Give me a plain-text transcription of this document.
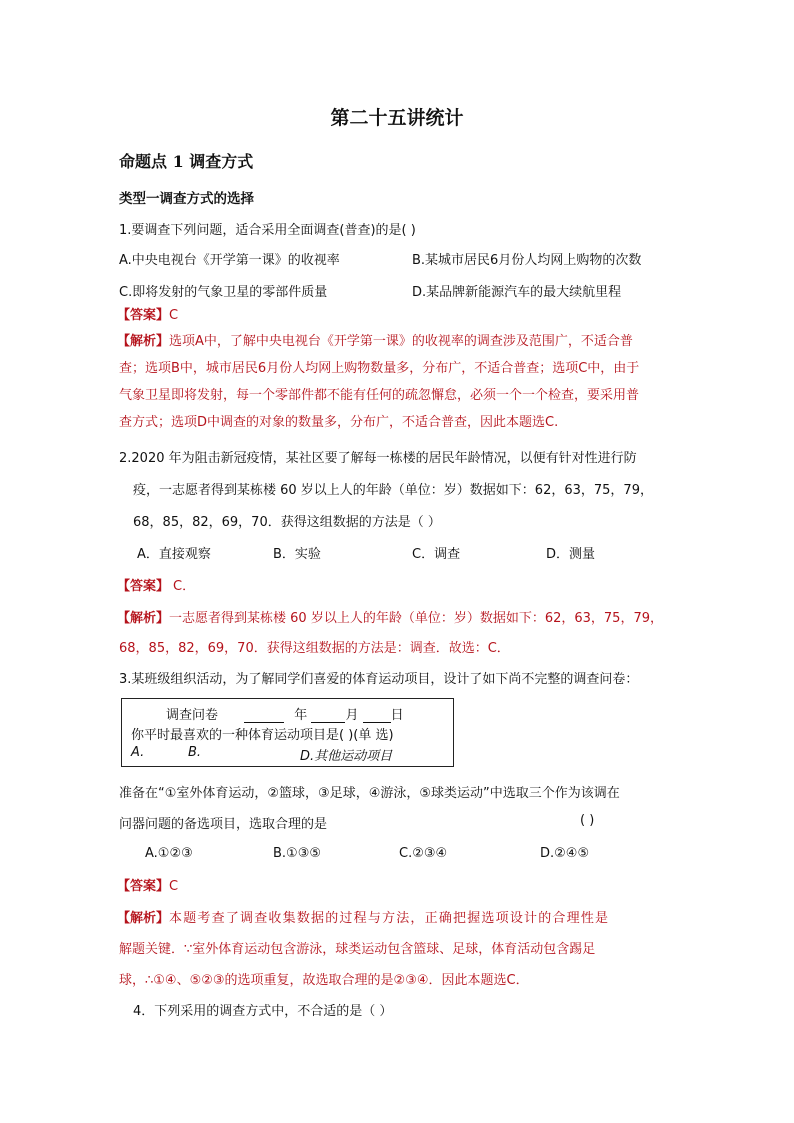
第二十五讲统计
命题点 1 调查方式
类型一调查方式的选择
1.要调查下列问题，适合采用全面调查(普查)的是( )
A.中央电视台《开学第一课》的收视率	B.某城市居民6月份人均网上购物的次数
C.即将发射的气象卫星的零部件质量	D.某品牌新能源汽车的最大续航里程
【答案】C
【解析】选项A中，了解中央电视台《开学第一课》的收视率的调查涉及范围广，不适合普
查；选项B中，城市居民6月份人均网上购物数量多，分布广，不适合普查；选项C中，由于
气象卫星即将发射，每一个零部件都不能有任何的疏忽懈怠，必须一个一个检查，要采用普
查方式；选项D中调查的对象的数量多，分布广，不适合普查，因此本题选C.
2.2020 年为阻击新冠疫情，某社区要了解每一栋楼的居民年龄情况，以便有针对性进行防
疫，一志愿者得到某栋楼 60 岁以上人的年龄（单位：岁）数据如下：62，63，75，79，
68，85，82，69，70．获得这组数据的方法是（ ）
A．直接观察	B．实验	C．调查	D．测量
【答案】 C．
【解析】一志愿者得到某栋楼 60 岁以上人的年龄（单位：岁）数据如下：62，63，75，79，
68，85，82，69，70．获得这组数据的方法是：调查．故选：C．
3.某班级组织活动，为了解同学们喜爱的体育运动项目，设计了如下尚不完整的调查问卷：
调查问卷	年	月 日
你平时最喜欢的一种体育运动项目是( )(单 选)
A.	B.	D.其他运动项目
准备在“①室外体育运动，②篮球，③足球，④游泳，⑤球类运动”中选取三个作为该调在
问器问题的备选项目，选取合理的是	( )
A.①②③	B.①③⑤	C.②③④	D.②④⑤
【答案】C
【解析】本题考查了调查收集数据的过程与方法，正确把握选项设计的合理性是
解题关键．∵室外体育运动包含游泳，球类运动包含篮球、足球，体育活动包含踢足
球，∴①④、⑤②③的选项重复，故选取合理的是②③④．因此本题选C．
4．下列采用的调查方式中，不合适的是（ ）
